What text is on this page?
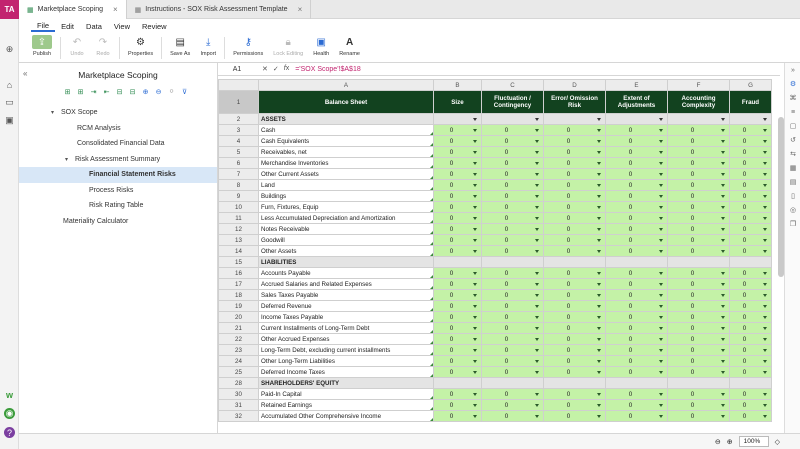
TA
⊕
⌂
▭
▣
w
◉
?
▦ Marketplace Scoping × ▦ Instructions - SOX Risk Assessment Template ×
File	Edit	Data	View	Review
⇪
Publish
↶
Undo
↷
Redo
⚙
Properties
▤
Save As
⤓
Import
⚷
Permissions
🔒︎
Lock Editing
▣
Health
A
Rename
«	Marketplace Scoping
⊞ ⊞ ⇥ ⇤ ⊟ ⊟ ⊕ ⊖	○	⊽
▾ SOX Scope
RCM Analysis
Consolidated Financial Data
▾ Risk Assessment Summary
Financial Statement Risks
Process Risks
Risk Rating Table
Materiality Calculator
A1	✕ ✓ fx ='SOX Scope'!$A$18
	A	B	C	D	E	F	G
1	Balance Sheet	Size	Fluctuation / Contingency	Error/ Omission Risk	Extent of Adjustments	Accounting Complexity	Fraud
2	ASSETS						
3	Cash	0	0	0	0	0	0
4	Cash Equivalents	0	0	0	0	0	0
5	Receivables, net	0	0	0	0	0	0
6	Merchandise Inventories	0	0	0	0	0	0
7	Other Current Assets	0	0	0	0	0	0
8	Land	0	0	0	0	0	0
9	Buildings	0	0	0	0	0	0
10	Furn, Fixtures, Equip	0	0	0	0	0	0
11	Less Accumulated Depreciation and Amortization	0	0	0	0	0	0
12	Notes Receivable	0	0	0	0	0	0
13	Goodwill	0	0	0	0	0	0
14	Other Assets	0	0	0	0	0	0
15	LIABILITIES						
16	Accounts Payable	0	0	0	0	0	0
17	Accrued Salaries and Related Expenses	0	0	0	0	0	0
18	Sales Taxes Payable	0	0	0	0	0	0
19	Deferred Revenue	0	0	0	0	0	0
20	Income Taxes Payable	0	0	0	0	0	0
21	Current Installments of Long-Term Debt	0	0	0	0	0	0
22	Other Accrued Expenses	0	0	0	0	0	0
23	Long-Term Debt, excluding current installments	0	0	0	0	0	0
24	Other Long-Term Liabilities	0	0	0	0	0	0
25	Deferred Income Taxes	0	0	0	0	0	0
28	SHAREHOLDERS' EQUITY						
30	Paid-In Capital	0	0	0	0	0	0
31	Retained Earnings	0	0	0	0	0	0
32	Accumulated Other Comprehensive Income	0	0	0	0	0	0
»
⚙
⌘
≡
▢
↺
⇆
▦
▤
▯
◎
❐
⊖ ⊕	100%	◇
